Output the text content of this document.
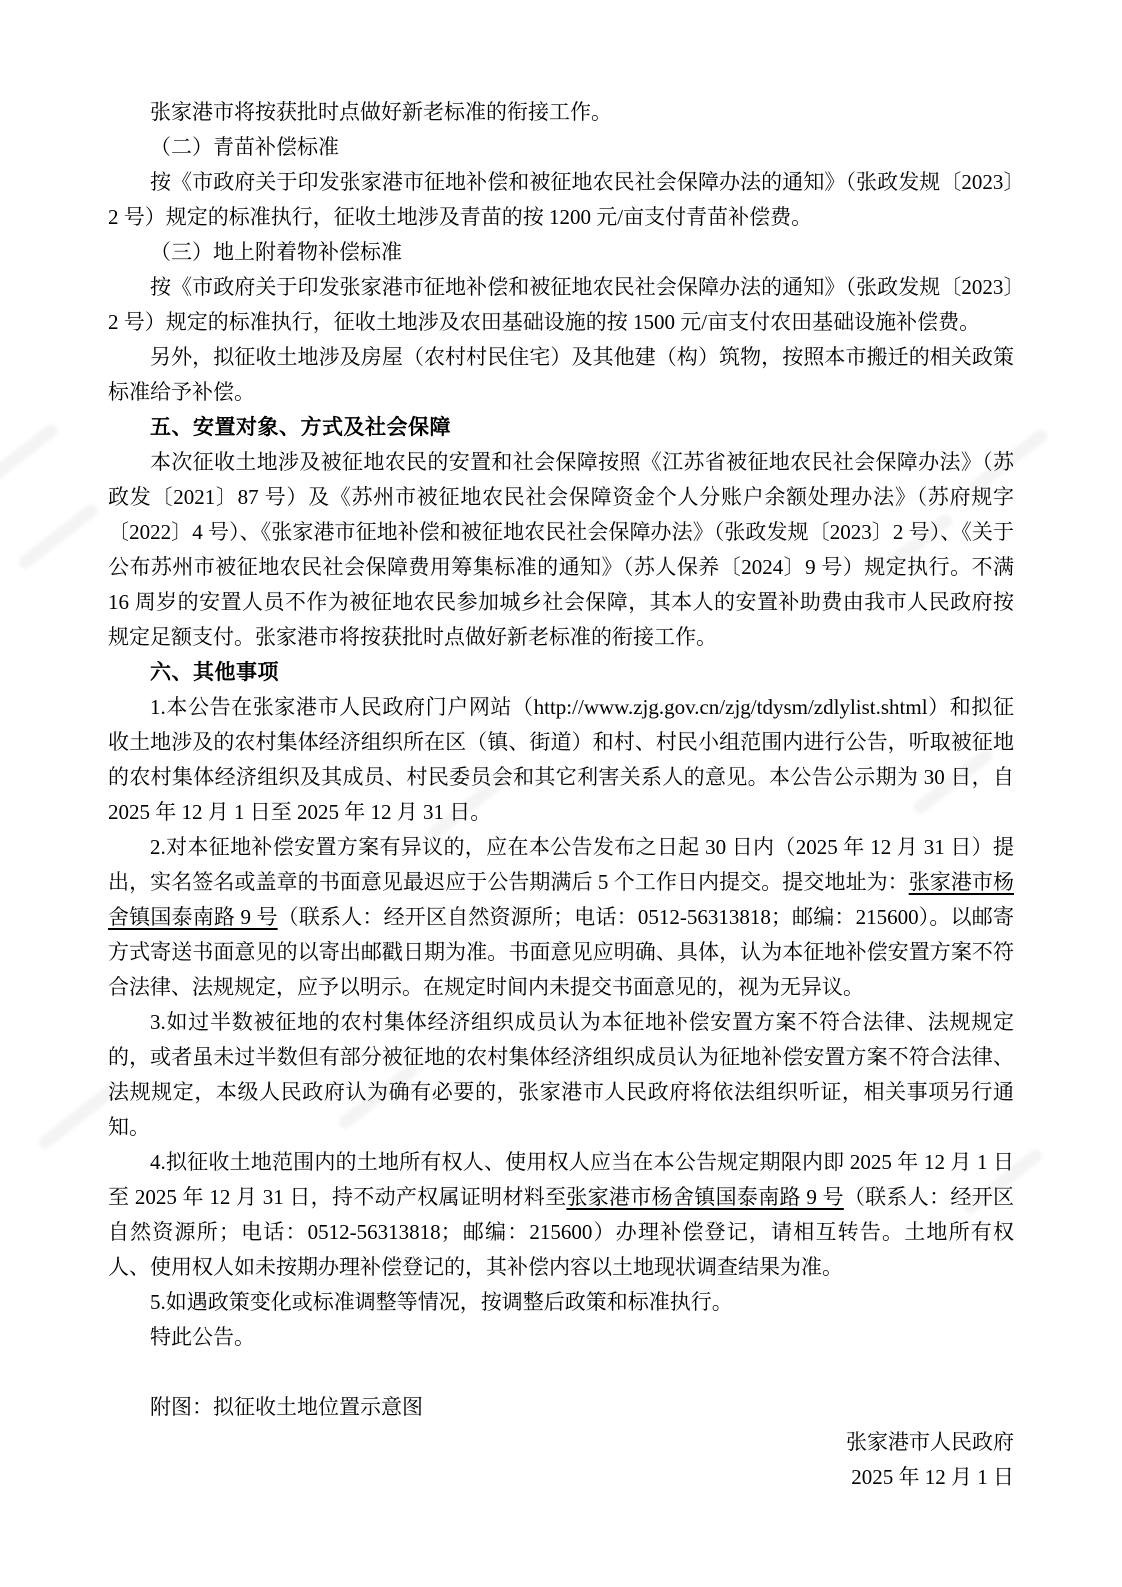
张家港市将按获批时点做好新老标准的衔接工作。

（二）青苗补偿标准

按《市政府关于印发张家港市征地补偿和被征地农民社会保障办法的通知》（张政发规〔2023〕2 号）规定的标准执行，征收土地涉及青苗的按 1200 元/亩支付青苗补偿费。

（三）地上附着物补偿标准

按《市政府关于印发张家港市征地补偿和被征地农民社会保障办法的通知》（张政发规〔2023〕2 号）规定的标准执行，征收土地涉及农田基础设施的按 1500 元/亩支付农田基础设施补偿费。

另外，拟征收土地涉及房屋（农村村民住宅）及其他建（构）筑物，按照本市搬迁的相关政策标准给予补偿。

五、安置对象、方式及社会保障

本次征收土地涉及被征地农民的安置和社会保障按照《江苏省被征地农民社会保障办法》（苏政发〔2021〕87 号）及《苏州市被征地农民社会保障资金个人分账户余额处理办法》（苏府规字〔2022〕4 号）、《张家港市征地补偿和被征地农民社会保障办法》（张政发规〔2023〕2 号）、《关于公布苏州市被征地农民社会保障费用筹集标准的通知》（苏人保养〔2024〕9 号）规定执行。不满 16 周岁的安置人员不作为被征地农民参加城乡社会保障，其本人的安置补助费由我市人民政府按规定足额支付。张家港市将按获批时点做好新老标准的衔接工作。

六、其他事项

1.本公告在张家港市人民政府门户网站（http://www.zjg.gov.cn/zjg/tdysm/zdlylist.shtml）和拟征收土地涉及的农村集体经济组织所在区（镇、街道）和村、村民小组范围内进行公告，听取被征地的农村集体经济组织及其成员、村民委员会和其它利害关系人的意见。本公告公示期为 30 日，自 2025 年 12 月 1 日至 2025 年 12 月 31 日。

2.对本征地补偿安置方案有异议的，应在本公告发布之日起 30 日内（2025 年 12 月 31 日）提出，实名签名或盖章的书面意见最迟应于公告期满后 5 个工作日内提交。提交地址为：张家港市杨舍镇国泰南路 9 号（联系人：经开区自然资源所；电话：0512-56313818；邮编：215600）。以邮寄方式寄送书面意见的以寄出邮戳日期为准。书面意见应明确、具体，认为本征地补偿安置方案不符合法律、法规规定，应予以明示。在规定时间内未提交书面意见的，视为无异议。

3.如过半数被征地的农村集体经济组织成员认为本征地补偿安置方案不符合法律、法规规定的，或者虽未过半数但有部分被征地的农村集体经济组织成员认为征地补偿安置方案不符合法律、法规规定，本级人民政府认为确有必要的，张家港市人民政府将依法组织听证，相关事项另行通知。

4.拟征收土地范围内的土地所有权人、使用权人应当在本公告规定期限内即 2025 年 12 月 1 日至 2025 年 12 月 31 日，持不动产权属证明材料至张家港市杨舍镇国泰南路 9 号（联系人：经开区自然资源所；电话：0512-56313818；邮编：215600）办理补偿登记，请相互转告。土地所有权人、使用权人如未按期办理补偿登记的，其补偿内容以土地现状调查结果为准。

5.如遇政策变化或标准调整等情况，按调整后政策和标准执行。

特此公告。

附图：拟征收土地位置示意图

张家港市人民政府

2025 年 12 月 1 日
